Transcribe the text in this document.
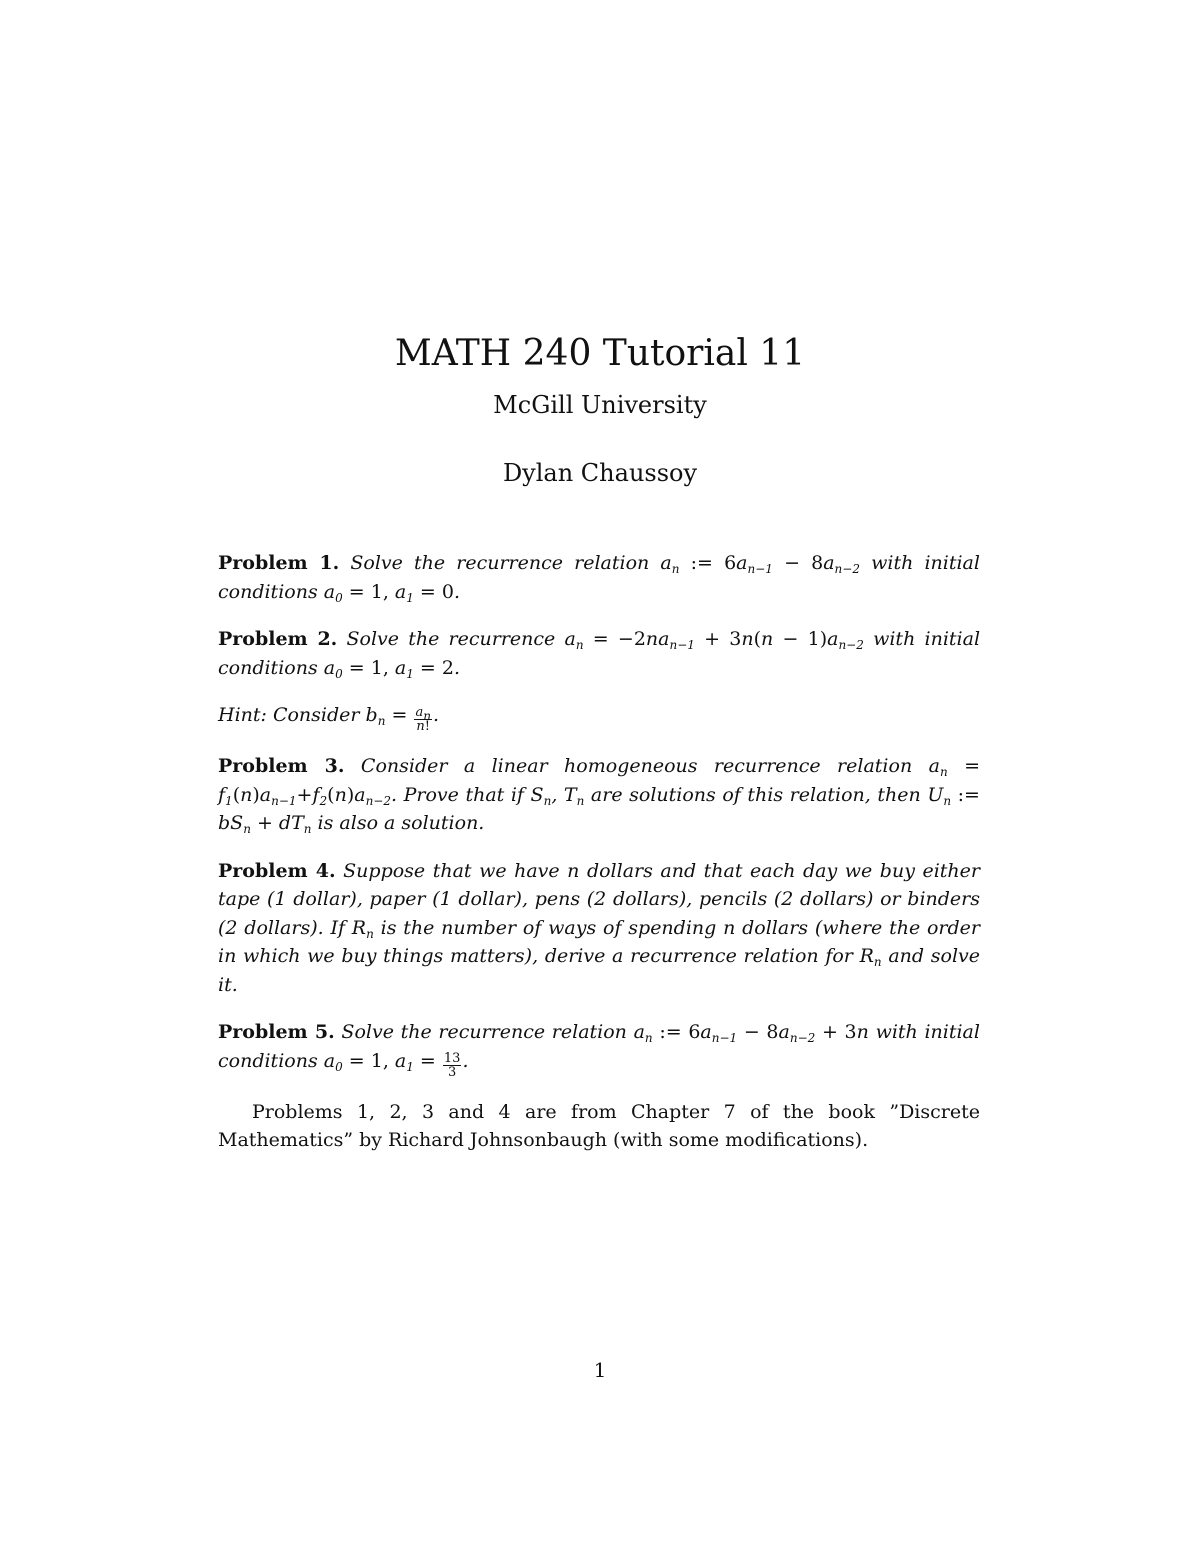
MATH 240 Tutorial 11
McGill University
Dylan Chaussoy

Problem 1. Solve the recurrence relation $a_n$ := $6a_{n-1} - 8a_{n-2}$ with initial conditions $a_0 = 1$, $a_1 = 0$.

Problem 2. Solve the recurrence $a_n = -2na_{n-1} + 3n(n - 1)a_{n-2}$ with initial conditions $a_0 = 1$, $a_1 = 2$.

Hint: Consider $b_n = \frac{a_n}{n!}$ .

Problem 3. Consider a linear homogeneous recurrence relation $a_n = f_1(n)a_{n-1}+f_2(n)a_{n-2}$. Prove that if $S_n$, $T_n$ are solutions of this relation, then $U_n$ := $bS_n + dT_n$ is also a solution.

Problem 4. Suppose that we have n dollars and that each day we buy either tape (1 dollar), paper (1 dollar), pens (2 dollars), pencils (2 dollars) or binders (2 dollars). If $R_n$ is the number of ways of spending n dollars (where the order in which we buy things matters), derive a recurrence relation for $R_n$ and solve it.

Problem 5. Solve the recurrence relation $a_n$ := $6a_{n-1} - 8a_{n-2} + 3n$ with initial conditions $a_0 = 1$, $a_1 = \frac{13}{3}$ .

Problems 1, 2, 3 and 4 are from Chapter 7 of the book ”Discrete Mathematics” by Richard Johnsonbaugh (with some modifications).

1
